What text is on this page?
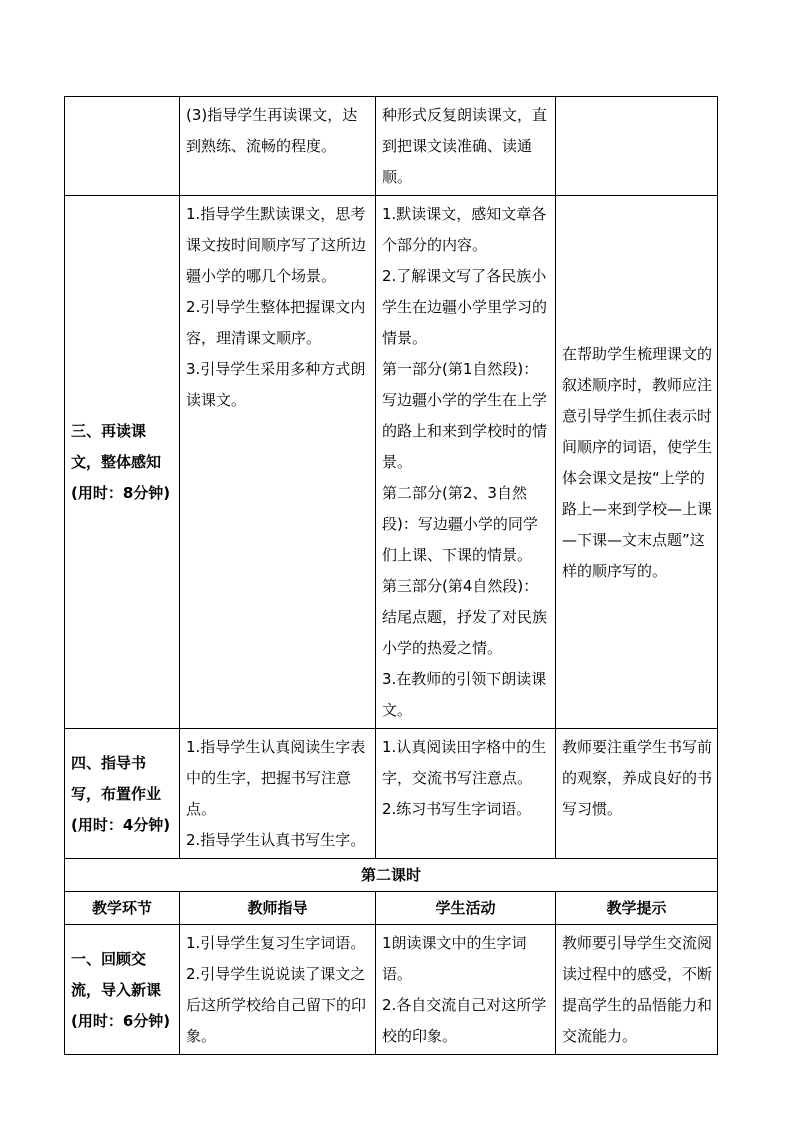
	(3)指导学生再读课文，达到熟练、流畅的程度。	种形式反复朗读课文，直到把课文读准确、读通顺。	

三、再读课文，整体感知(用时：8分钟)	1.指导学生默读课文，思考课文按时间顺序写了这所边疆小学的哪几个场景。
2.引导学生整体把握课文内容，理清课文顺序。
3.引导学生采用多种方式朗读课文。	1.默读课文，感知文章各个部分的内容。
2.了解课文写了各民族小学生在边疆小学里学习的情景。
第一部分(第1自然段)：写边疆小学的学生在上学的路上和来到学校时的情景。
第二部分(第2、3自然段)：写边疆小学的同学们上课、下课的情景。　第三部分(第4自然段)：结尾点题，抒发了对民族小学的热爱之情。
3.在教师的引领下朗读课文。	在帮助学生梳理课文的叙述顺序时，教师应注意引导学生抓住表示时间顺序的词语，使学生体会课文是按“上学的路上—来到学校—上课—下课—文末点题”这样的顺序写的。
四、指导书写，布置作业(用时：4分钟)	1.指导学生认真阅读生字表中的生字，把握书写注意点。
2.指导学生认真书写生字。	1.认真阅读田字格中的生字，交流书写注意点。
2.练习书写生字词语。	教师要注重学生书写前的观察，养成良好的书写习惯。
第二课时			
教学环节	教师指导	学生活动	教学提示
一、回顾交流，导入新课(用时：6分钟)	1.引导学生复习生字词语。
2.引导学生说说读了课文之后这所学校给自己留下的印象。	1朗读课文中的生字词语。
2.各自交流自己对这所学校的印象。	教师要引导学生交流阅读过程中的感受，不断提高学生的品悟能力和交流能力。
